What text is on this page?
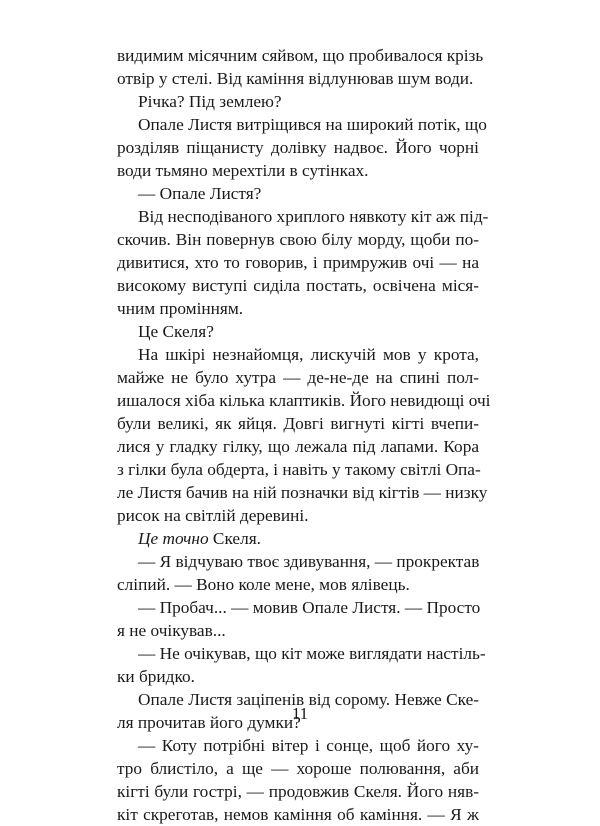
видимим місячним сяйвом, що пробивалося крізь
отвір у стелі. Від каміння відлунював шум води.
Річка? Під землею?
Опале Листя витріщився на широкий потік, що
розділяв піщанисту долівку надвоє. Його чорні
води тьмяно мерехтіли в сутінках.
— Опале Листя?
Від несподіваного хриплого нявкоту кіт аж під-
скочив. Він повернув свою білу морду, щоби по-
дивитися, хто то говорив, і примружив очі — на
високому виступі сиділа постать, освічена міся-
чним промінням.
Це Скеля?
На шкірі незнайомця, лискучій мов у крота,
майже не було хутра — де-не-де на спині пол-
ишалося хіба кілька клаптиків. Його невидющі очі
були великі, як яйця. Довгі вигнуті кігті вчепи-
лися у гладку гілку, що лежала під лапами. Кора
з гілки була обдерта, і навіть у такому світлі Опа-
ле Листя бачив на ній позначки від кігтів — низку
рисок на світлій деревині.
Це точно Скеля.
— Я відчуваю твоє здивування, — прокректав
сліпий. — Воно коле мене, мов ялівець.
— Пробач... — мовив Опале Листя. — Просто
я не очікував...
— Не очікував, що кіт може виглядати настіль-
ки бридко.
Опале Листя заціпенів від сорому. Невже Ске-
ля прочитав його думки?
— Коту потрібні вітер і сонце, щоб його ху-
тро блистіло, а ще — хороше полювання, аби
кігті були гострі, — продовжив Скеля. Його няв-
кіт скреготав, немов каміння об каміння. — Я ж
11
